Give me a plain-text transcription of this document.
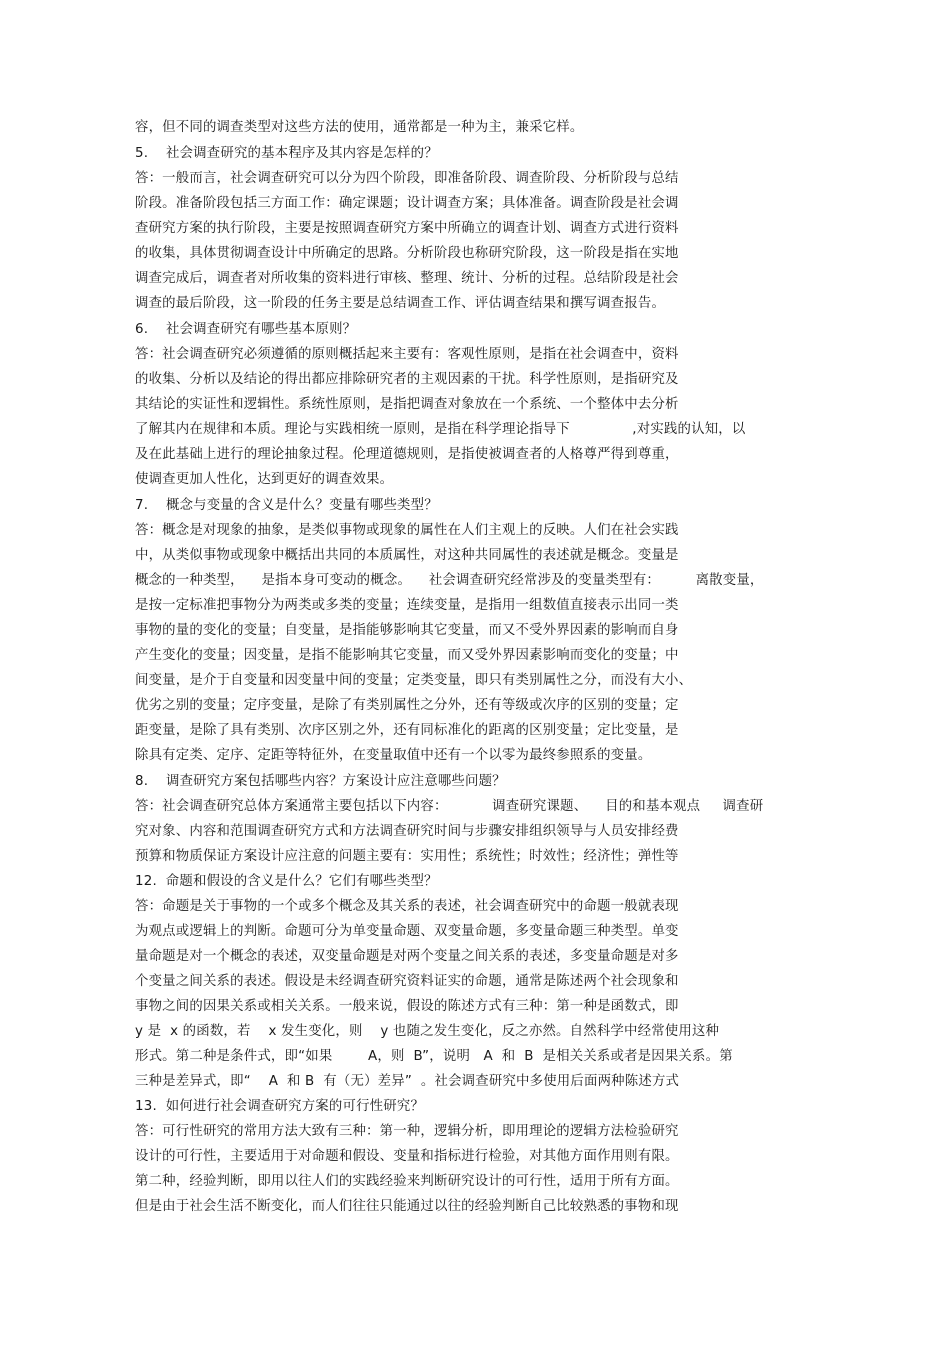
容，但不同的调查类型对这些方法的使用，通常都是一种为主，兼采它样。
5.    社会调查研究的基本程序及其内容是怎样的？
答：一般而言，社会调查研究可以分为四个阶段，即准备阶段、调查阶段、分析阶段与总结
阶段。准备阶段包括三方面工作：确定课题；设计调查方案；具体准备。调查阶段是社会调
查研究方案的执行阶段，主要是按照调查研究方案中所确立的调查计划、调查方式进行资料
的收集，具体贯彻调查设计中所确定的思路。分析阶段也称研究阶段，这一阶段是指在实地
调查完成后，调查者对所收集的资料进行审核、整理、统计、分析的过程。总结阶段是社会
调查的最后阶段，这一阶段的任务主要是总结调查工作、评估调查结果和撰写调查报告。
6.    社会调查研究有哪些基本原则？
答：社会调查研究必须遵循的原则概括起来主要有：客观性原则，是指在社会调查中，资料
的收集、分析以及结论的得出都应排除研究者的主观因素的干扰。科学性原则，是指研究及
其结论的实证性和逻辑性。系统性原则，是指把调查对象放在一个系统、一个整体中去分析
了解其内在规律和本质。理论与实践相统一原则，是指在科学理论指导下              ,对实践的认知，以
及在此基础上进行的理论抽象过程。伦理道德规则，是指使被调查者的人格尊严得到尊重，
使调查更加人性化，达到更好的调查效果。
7.    概念与变量的含义是什么？变量有哪些类型？
答：概念是对现象的抽象，是类似事物或现象的属性在人们主观上的反映。人们在社会实践
中，从类似事物或现象中概括出共同的本质属性，对这种共同属性的表述就是概念。变量是
概念的一种类型，    是指本身可变动的概念。    社会调查研究经常涉及的变量类型有：        离散变量，
是按一定标准把事物分为两类或多类的变量；连续变量，是指用一组数值直接表示出同一类
事物的量的变化的变量；自变量，是指能够影响其它变量，而又不受外界因素的影响而自身
产生变化的变量；因变量，是指不能影响其它变量，而又受外界因素影响而变化的变量；中
间变量，是介于自变量和因变量中间的变量；定类变量，即只有类别属性之分，而没有大小、
优劣之别的变量；定序变量，是除了有类别属性之分外，还有等级或次序的区别的变量；定
距变量，是除了具有类别、次序区别之外，还有同标准化的距离的区别变量；定比变量，是
除具有定类、定序、定距等特征外，在变量取值中还有一个以零为最终参照系的变量。
8.    调查研究方案包括哪些内容？方案设计应注意哪些问题？
答：社会调查研究总体方案通常主要包括以下内容：          调查研究课题、    目的和基本观点     调查研
究对象、内容和范围调查研究方式和方法调查研究时间与步骤安排组织领导与人员安排经费
预算和物质保证方案设计应注意的问题主要有：实用性；系统性；时效性；经济性；弹性等
12.  命题和假设的含义是什么？它们有哪些类型？
答：命题是关于事物的一个或多个概念及其关系的表述，社会调查研究中的命题一般就表现
为观点或逻辑上的判断。命题可分为单变量命题、双变量命题，多变量命题三种类型。单变
量命题是对一个概念的表述，双变量命题是对两个变量之间关系的表述，多变量命题是对多
个变量之间关系的表述。假设是未经调查研究资料证实的命题，通常是陈述两个社会现象和
事物之间的因果关系或相关关系。一般来说，假设的陈述方式有三种：第一种是函数式，即
y 是  x 的函数，若    x 发生变化，则    y 也随之发生变化，反之亦然。自然科学中经常使用这种
形式。第二种是条件式，即“如果        A，则  B”，说明   A  和  B  是相关关系或者是因果关系。第
三种是差异式，即“    A  和 B  有（无）差异”  。社会调查研究中多使用后面两种陈述方式
13.  如何进行社会调查研究方案的可行性研究？
答：可行性研究的常用方法大致有三种：第一种，逻辑分析，即用理论的逻辑方法检验研究
设计的可行性，主要适用于对命题和假设、变量和指标进行检验，对其他方面作用则有限。
第二种，经验判断，即用以往人们的实践经验来判断研究设计的可行性，适用于所有方面。
但是由于社会生活不断变化，而人们往往只能通过以往的经验判断自己比较熟悉的事物和现
